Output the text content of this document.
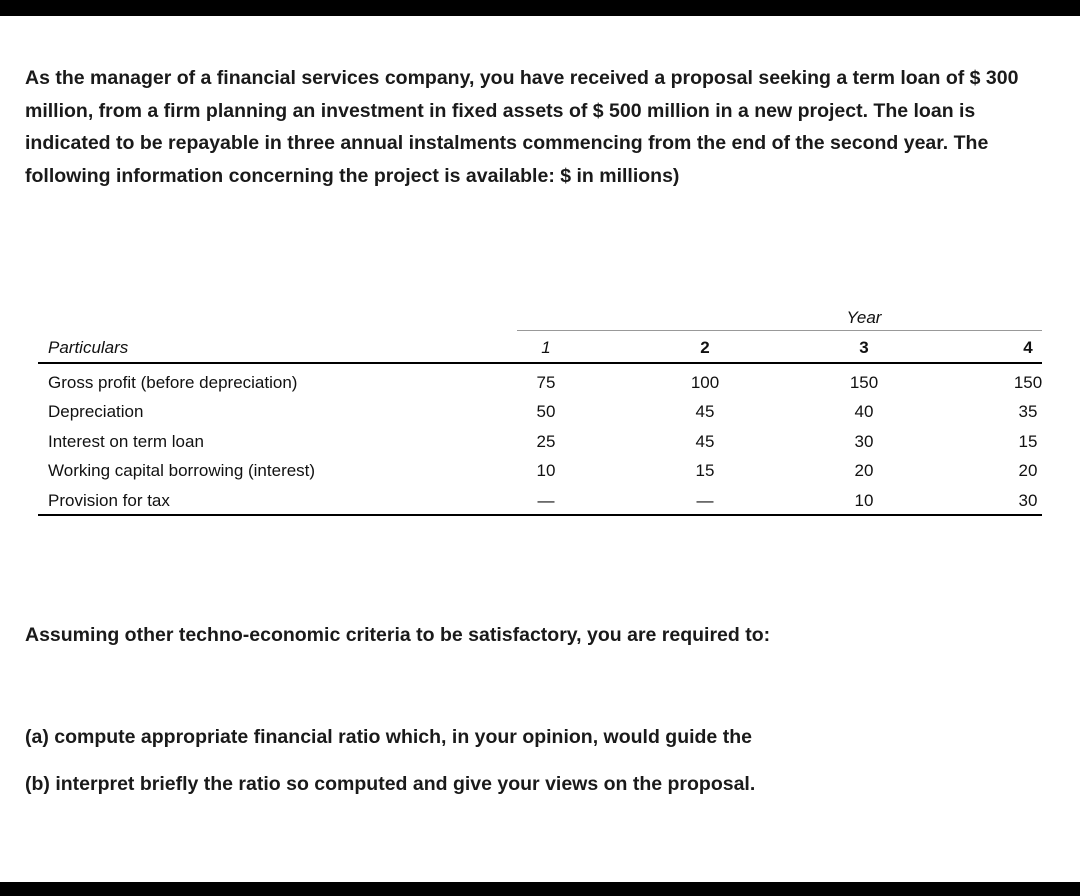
As the manager of a financial services company, you have received a proposal seeking a term loan of $ 300 million, from a firm planning an investment in fixed assets of $ 500 million in a new project. The loan is indicated to be repayable in three annual instalments commencing from the end of the second year. The following information concerning the project is available: $ in millions)

Year
Particulars	1	2	3	4
Gross profit (before depreciation)	75	100	150	150
Depreciation	50	45	40	35
Interest on term loan	25	45	30	15
Working capital borrowing (interest)	10	15	20	20
Provision for tax	—	—	10	30

Assuming other techno-economic criteria to be satisfactory, you are required to:

(a) compute appropriate financial ratio which, in your opinion, would guide the

(b) interpret briefly the ratio so computed and give your views on the proposal.
